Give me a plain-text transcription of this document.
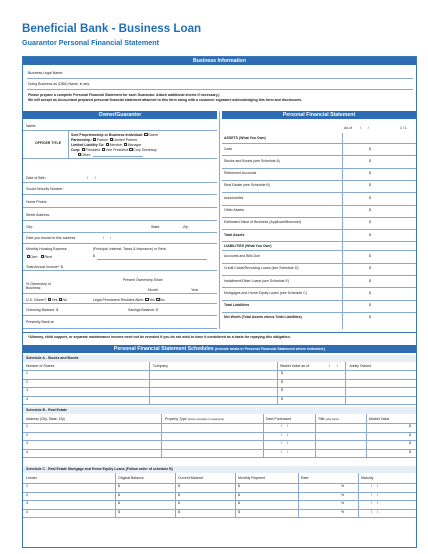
Beneficial Bank - Business Loan
Guarantor Personal Financial Statement
Business Information
Business Legal Name:
Doing Business as (DBA) Name, in any:
Please prepare a complete Personal Financial Statement for each Guarantor. Attach additional sheets if necessary.)
We will accept an Accountant prepared personal financial statement attached to this form along with a customer signature acknowledging this form and disclosures.
Owner/Guarantor
Name:
OFFICER TITLE
Sole Proprietorship or Business Individual: Owner
Partnership: Partner Limited Partner
Limited Liability Co: Member Manager
Corp: President Vice President Corp Secretary
Other:
Date of Birth	/       /
Social Security Number:
Home Phone:
Street Address:
City:	State:	Zip:
Date you moved to this address	/      /
Monthly Housing Expense	(Principal, Interest, Taxes & Insurance) or Rent:
Own Rent	$
Total Annual Income*: $
% Ownership of Business:
Present Ownership Since:
Month	Year
U.S. Citizen? Yes No	Legal Permanent Resident Alien: Yes No
Checking Balance: $	Savings Balance: $
Presently Bank at:
Personal Financial Statement
As of /       /	1 / 1
ASSETS (What You Own)
Cash	$
Stocks and Bonds (see Schedule A)	$
Retirement Accounts	$
Real Estate (see Schedule B)	$
Automobiles	$
Other Assets	$
Estimated Value of Business (Applicant/Borrower)	$
Total Assets	$
LIABILITIES (What You Owe)
Accounts and Bills Due	$
Credit Cards/Revolving Loans (see Schedule D)	$
Installment/Other Loans (see Schedule E)	$
Mortgages and Home Equity Loans (see Schedule C)	$
Total Liabilities	$
Net Worth (Total Assets minus Total Liabilities)	$
*Alimony, child support, or separate maintenance income need not be revealed if you do not wish to have it considered as a basis for repaying this obligation.
Personal Financial Statement Schedules (Include totals in Personal Financial Statement where indicated.)
Schedule A - Stocks and Bonds
Number of Shares	Company	Market Value as of:	/       /	Jointly Owned
1	$
2	$
3	$
4	$
Schedule B - Real Estate
Address (City, State, Zip)	Property Type (owner occupied or investment)	Date Purchased	Title (who owns)	Market Value
1	/     /	$
2	/     /	$
3	/     /	$
4	/     /	$
Schedule C - Real Estate Mortgage and Home Equity Loans (Follow order of schedule B)
Lender	Original Balance	Current Balance	Monthly Payment	Rate	Maturity
1	$	$	$	%	/     /
2	$	$	$	%	/     /
3	$	$	$	%	/     /
4	$	$	$	%	/     /
